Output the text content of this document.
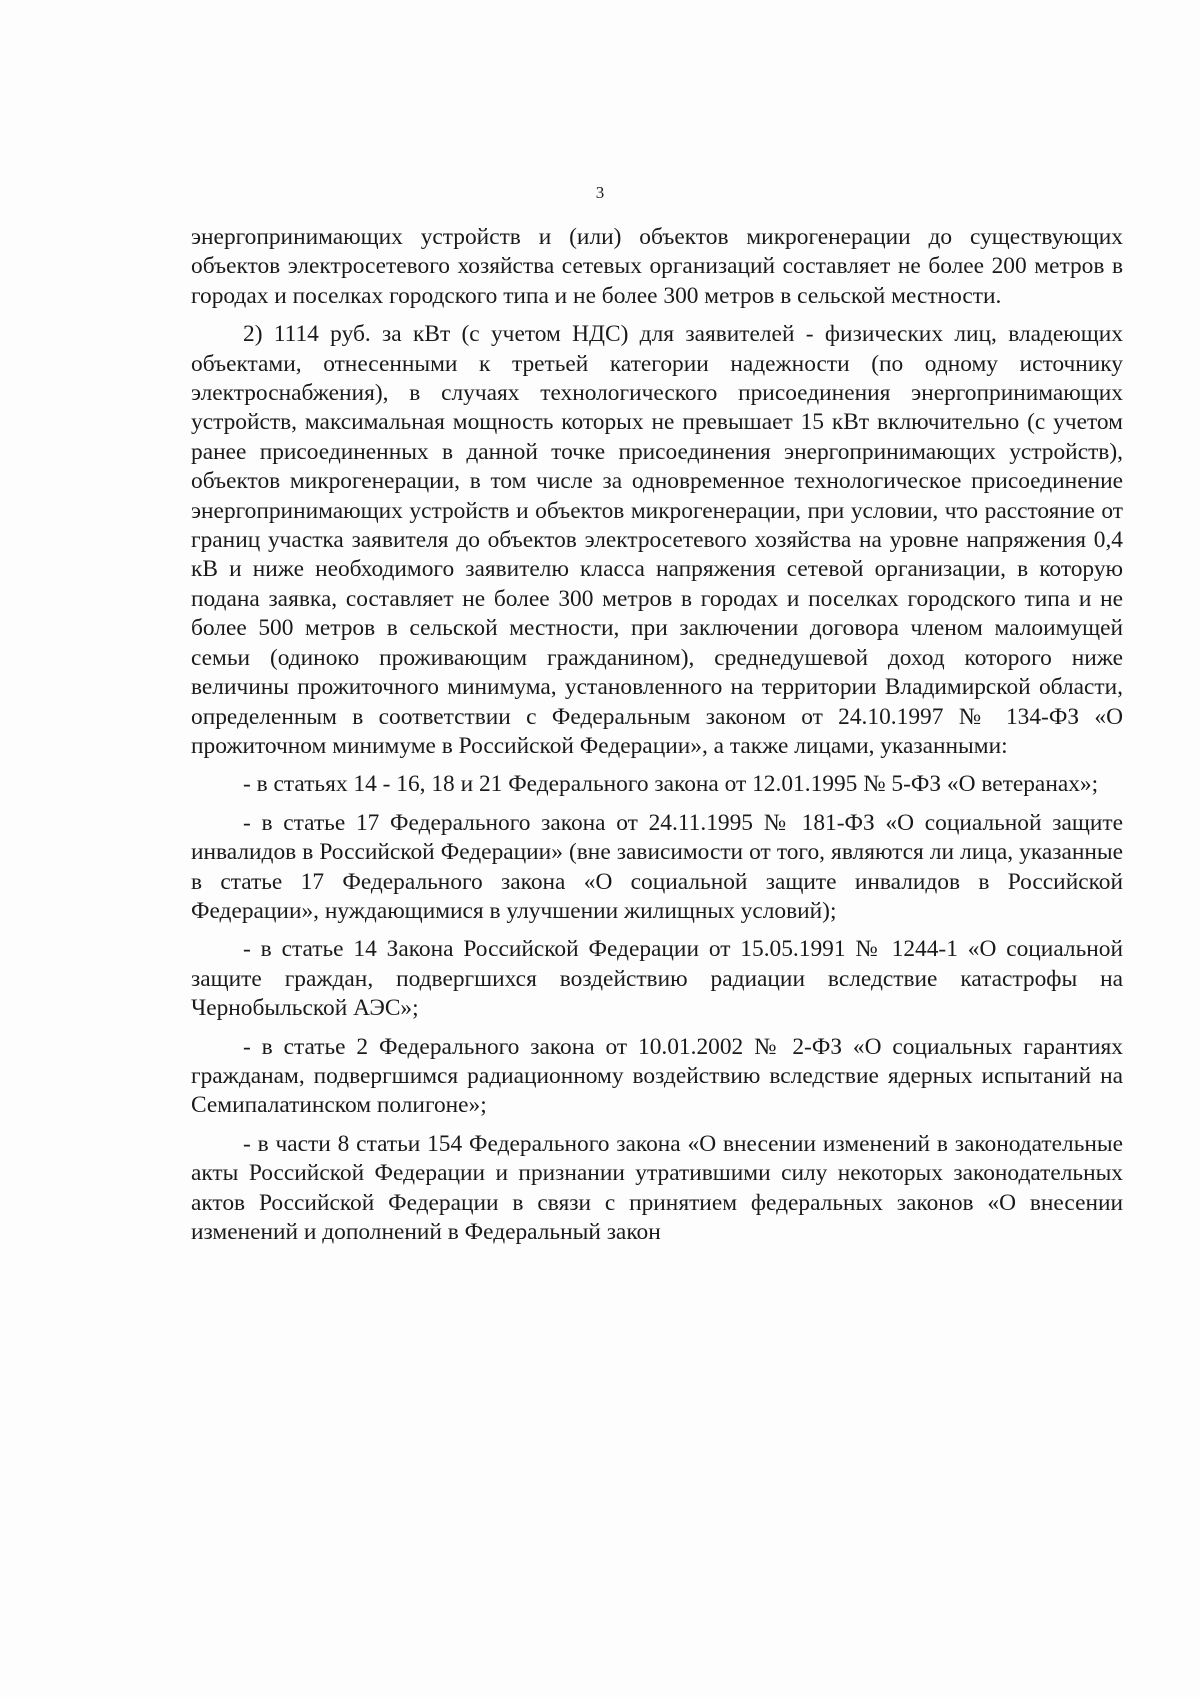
3

энергопринимающих устройств и (или) объектов микрогенерации до существующих объектов электросетевого хозяйства сетевых организаций составляет не более 200 метров в городах и поселках городского типа и не более 300 метров в сельской местности.

2) 1114 руб. за кВт (с учетом НДС) для заявителей - физических лиц, владеющих объектами, отнесенными к третьей категории надежности (по одному источнику электроснабжения), в случаях технологического присоединения энергопринимающих устройств, максимальная мощность которых не превышает 15 кВт включительно (с учетом ранее присоединенных в данной точке присоединения энергопринимающих устройств), объектов микрогенерации, в том числе за одновременное технологическое присоединение энергопринимающих устройств и объектов микрогенерации, при условии, что расстояние от границ участка заявителя до объектов электросетевого хозяйства на уровне напряжения 0,4 кВ и ниже необходимого заявителю класса напряжения сетевой организации, в которую подана заявка, составляет не более 300 метров в городах и поселках городского типа и не более 500 метров в сельской местности, при заключении договора членом малоимущей семьи (одиноко проживающим гражданином), среднедушевой доход которого ниже величины прожиточного минимума, установленного на территории Владимирской области, определенным в соответствии с Федеральным законом от 24.10.1997 № 134-ФЗ «О прожиточном минимуме в Российской Федерации», а также лицами, указанными:

- в статьях 14 - 16, 18 и 21 Федерального закона от 12.01.1995 № 5-ФЗ «О ветеранах»;

- в статье 17 Федерального закона от 24.11.1995 № 181-ФЗ «О социальной защите инвалидов в Российской Федерации» (вне зависимости от того, являются ли лица, указанные в статье 17 Федерального закона «О социальной защите инвалидов в Российской Федерации», нуждающимися в улучшении жилищных условий);

- в статье 14 Закона Российской Федерации от 15.05.1991 № 1244-1 «О социальной защите граждан, подвергшихся воздействию радиации вследствие катастрофы на Чернобыльской АЭС»;

- в статье 2 Федерального закона от 10.01.2002 № 2-ФЗ «О социальных гарантиях гражданам, подвергшимся радиационному воздействию вследствие ядерных испытаний на Семипалатинском полигоне»;

- в части 8 статьи 154 Федерального закона «О внесении изменений в законодательные акты Российской Федерации и признании утратившими силу некоторых законодательных актов Российской Федерации в связи с принятием федеральных законов «О внесении изменений и дополнений в Федеральный закон
